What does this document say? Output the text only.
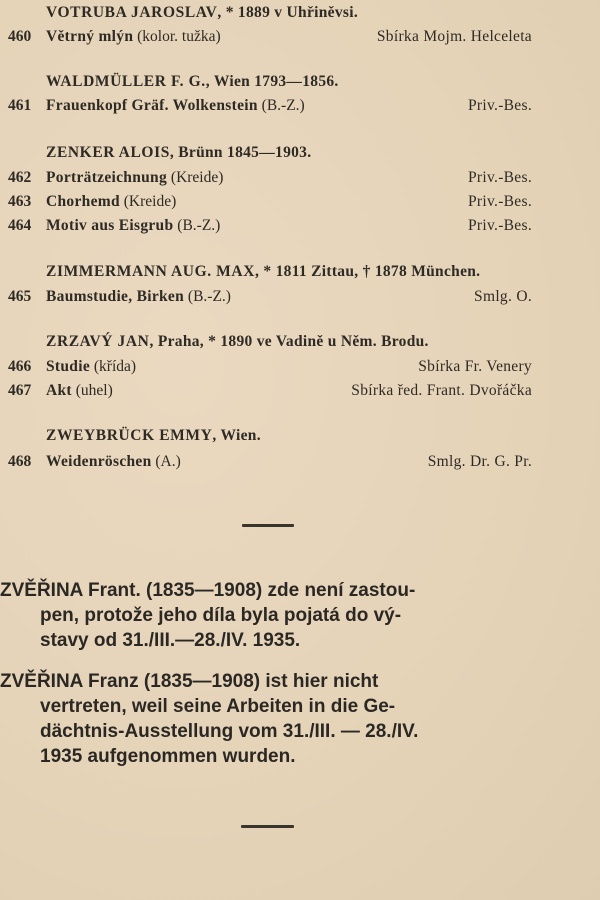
VOTRUBA JAROSLAV, * 1889 v Uhřiněvsi.
460 Větrný mlýn (kolor. tužka)	Sbírka Mojm. Helceleta
WALDMÜLLER F. G., Wien 1793—1856.
461 Frauenkopf Gräf. Wolkenstein (B.-Z.)	Priv.-Bes.
ZENKER ALOIS, Brünn 1845—1903.
462 Porträtzeichnung (Kreide)	Priv.-Bes.
463 Chorhemd (Kreide)	Priv.-Bes.
464 Motiv aus Eisgrub (B.-Z.)	Priv.-Bes.
ZIMMERMANN AUG. MAX, * 1811 Zittau, † 1878 München.
465 Baumstudie, Birken (B.-Z.)	Smlg. O.
ZRZAVÝ JAN, Praha, * 1890 ve Vadině u Něm. Brodu.
466 Studie (křída)	Sbírka Fr. Venery
467 Akt (uhel)	Sbírka řed. Frant. Dvořáčka
ZWEYBRÜCK EMMY, Wien.
468 Weidenröschen (A.)	Smlg. Dr. G. Pr.
ZVĚŘINA Frant. (1835—1908) zde není zastou-
pen, protože jeho díla byla pojatá do vý-
stavy od 31./III.—28./IV. 1935.
ZVĚŘINA Franz (1835—1908) ist hier nicht
vertreten, weil seine Arbeiten in die Ge-
dächtnis-Ausstellung vom 31./III. — 28./IV.
1935 aufgenommen wurden.
